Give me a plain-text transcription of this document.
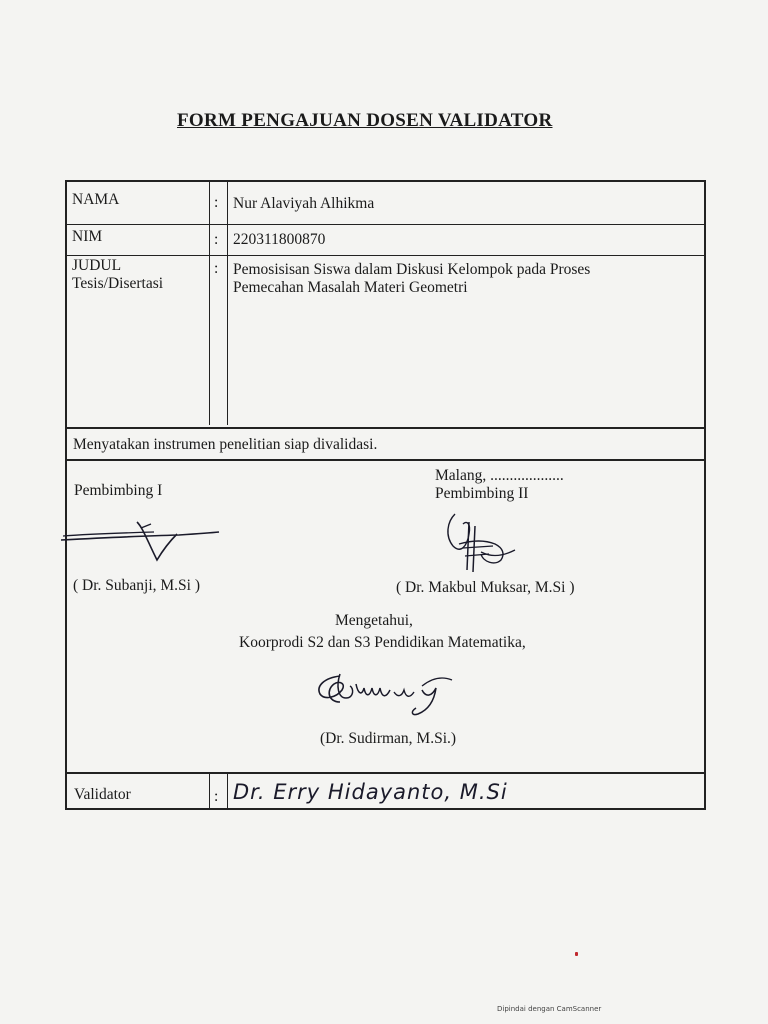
FORM PENGAJUAN DOSEN VALIDATOR
NAMA	: Nur Alaviyah Alhikma
NIM	: 220311800870
JUDUL
Tesis/Disertasi
: Pemosisisan Siswa dalam Diskusi Kelompok pada Proses
Pemecahan Masalah Materi Geometri
Menyatakan instrumen penelitian siap divalidasi.
Malang, ...................
Pembimbing I	Pembimbing II
( Dr. Subanji, M.Si )	( Dr. Makbul Muksar, M.Si )
Mengetahui,
Koorprodi S2 dan S3 Pendidikan Matematika,
(Dr. Sudirman, M.Si.)
Validator	: Dr. Erry Hidayanto, M.Si
Dipindai dengan CamScanner
